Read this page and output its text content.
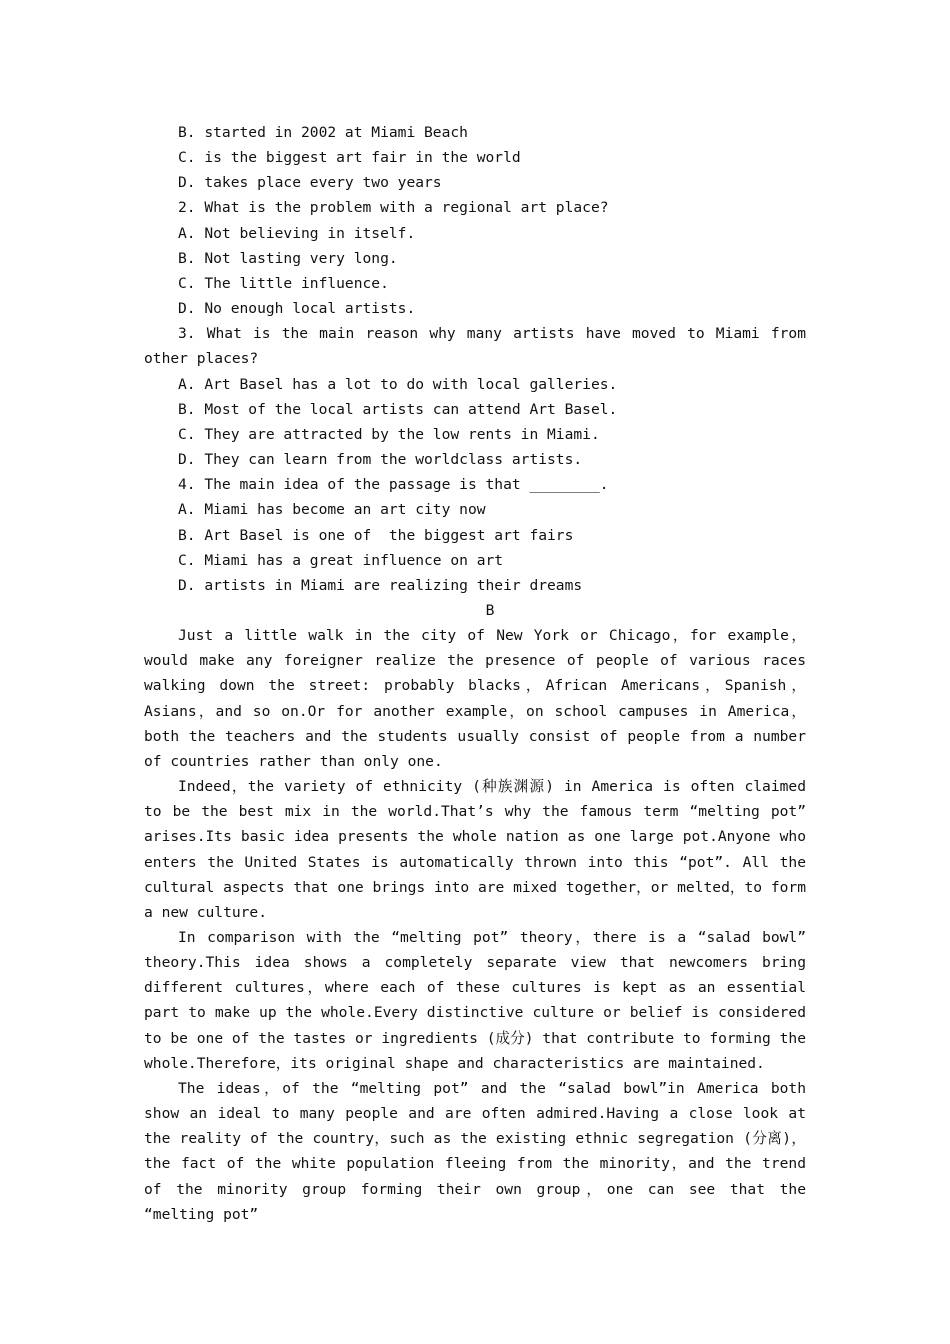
B. started in 2002 at Miami Beach

C. is the biggest art fair in the world

D. takes place every two years

2. What is the problem with a regional art place?

A. Not believing in itself.

B. Not lasting very long.

C. The little influence.

D. No enough local artists.

3. What is the main reason why many artists have moved to Miami from other places?

A. Art Basel has a lot to do with local galleries.

B. Most of the local artists can attend Art Basel.

C. They are attracted by the low rents in Miami.

D. They can learn from the worldclass artists.

4. The main idea of the passage is that ________.

A. Miami has become an art city now

B. Art Basel is one of  the biggest art fairs

C. Miami has a great influence on art

D. artists in Miami are realizing their dreams

B

Just a little walk in the city of New York or Chicago，for example，would make any foreigner realize the presence of people of various races walking down the street: probably blacks，African Americans，Spanish，Asians，and so on.Or for another example，on school campuses in America，both the teachers and the students usually consist of people from a number of countries rather than only one.

Indeed，the variety of ethnicity (种族渊源) in America is often claimed to be the best mix in the world.That’s why the famous term “melting pot” arises.Its basic idea presents the whole nation as one large pot.Anyone who enters the United States is automatically thrown into this “pot”. All the cultural aspects that one brings into are mixed together，or melted，to form a new culture.

In comparison with the “melting pot” theory，there is a “salad bowl” theory.This idea shows a completely separate view that newcomers bring different cultures，where each of these cultures is kept as an essential part to make up the whole.Every distinctive culture or belief is considered to be one of the tastes or ingredients (成分) that contribute to forming the whole.Therefore，its original shape and characteristics are maintained.

The ideas，of the “melting pot” and the “salad bowl”in America both show an ideal to many people and are often admired.Having a close look at the reality of the country，such as the existing ethnic segregation (分离)，the fact of the white population fleeing from the minority，and the trend of the minority group forming their own group，one can see that the “melting pot”
